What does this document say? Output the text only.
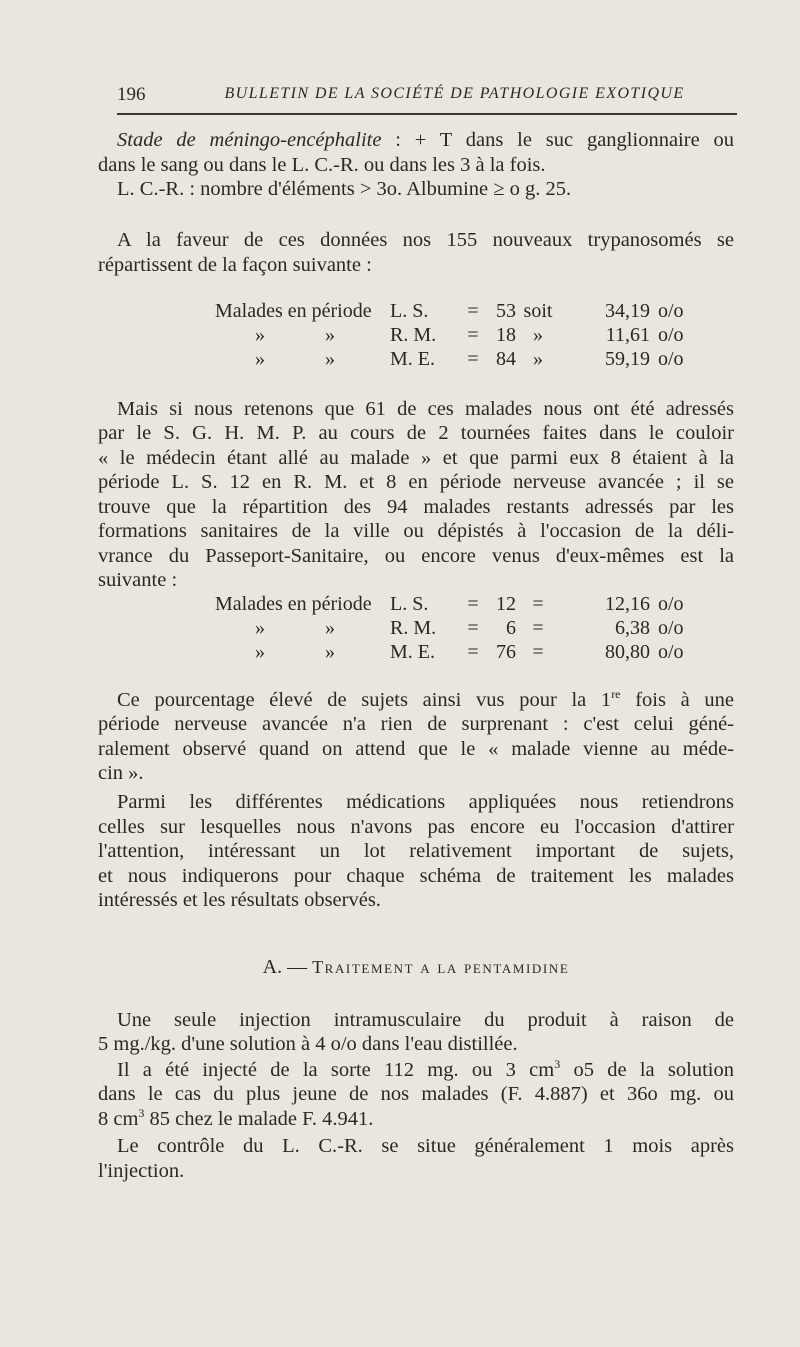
196	BULLETIN DE LA SOCIÉTÉ DE PATHOLOGIE EXOTIQUE
Stade de méningo-encéphalite : + T dans le suc ganglionnaire ou
dans le sang ou dans le L. C.-R. ou dans les 3 à la fois.
L. C.-R. : nombre d'éléments > 3o. Albumine ≥ o g. 25.
A la faveur de ces données nos 155 nouveaux trypanosomés se
répartissent de la façon suivante :
Malades en période		L. S.	=	53	soit	34,19	o/o
»	»	R. M.	=	18	»	11,61	o/o
»	»	M. E.	=	84	»	59,19	o/o
Mais si nous retenons que 61 de ces malades nous ont été adressés
par le S. G. H. M. P. au cours de 2 tournées faites dans le couloir
« le médecin étant allé au malade » et que parmi eux 8 étaient à la
période L. S. 12 en R. M. et 8 en période nerveuse avancée ; il se
trouve que la répartition des 94 malades restants adressés par les
formations sanitaires de la ville ou dépistés à l'occasion de la déli-
vrance du Passeport-Sanitaire, ou encore venus d'eux-mêmes est la
suivante :
Malades en période		L. S.	=	12	=	12,16	o/o
»	»	R. M.	=	6	=	6,38	o/o
»	»	M. E.	=	76	=	80,80	o/o
Ce pourcentage élevé de sujets ainsi vus pour la 1re fois à une
période nerveuse avancée n'a rien de surprenant : c'est celui géné-
ralement observé quand on attend que le « malade vienne au méde-
cin ».
Parmi les différentes médications appliquées nous retiendrons
celles sur lesquelles nous n'avons pas encore eu l'occasion d'attirer
l'attention, intéressant un lot relativement important de sujets,
et nous indiquerons pour chaque schéma de traitement les malades
intéressés et les résultats observés.
A. — Traitement a la pentamidine
Une seule injection intramusculaire du produit à raison de
5 mg./kg. d'une solution à 4 o/o dans l'eau distillée.
Il a été injecté de la sorte 112 mg. ou 3 $cm^3$ o5 de la solution
dans le cas du plus jeune de nos malades (F. 4.887) et 36o mg. ou
8 $cm^3$ 85 chez le malade F. 4.941.
Le contrôle du L. C.-R. se situe généralement 1 mois après
l'injection.
